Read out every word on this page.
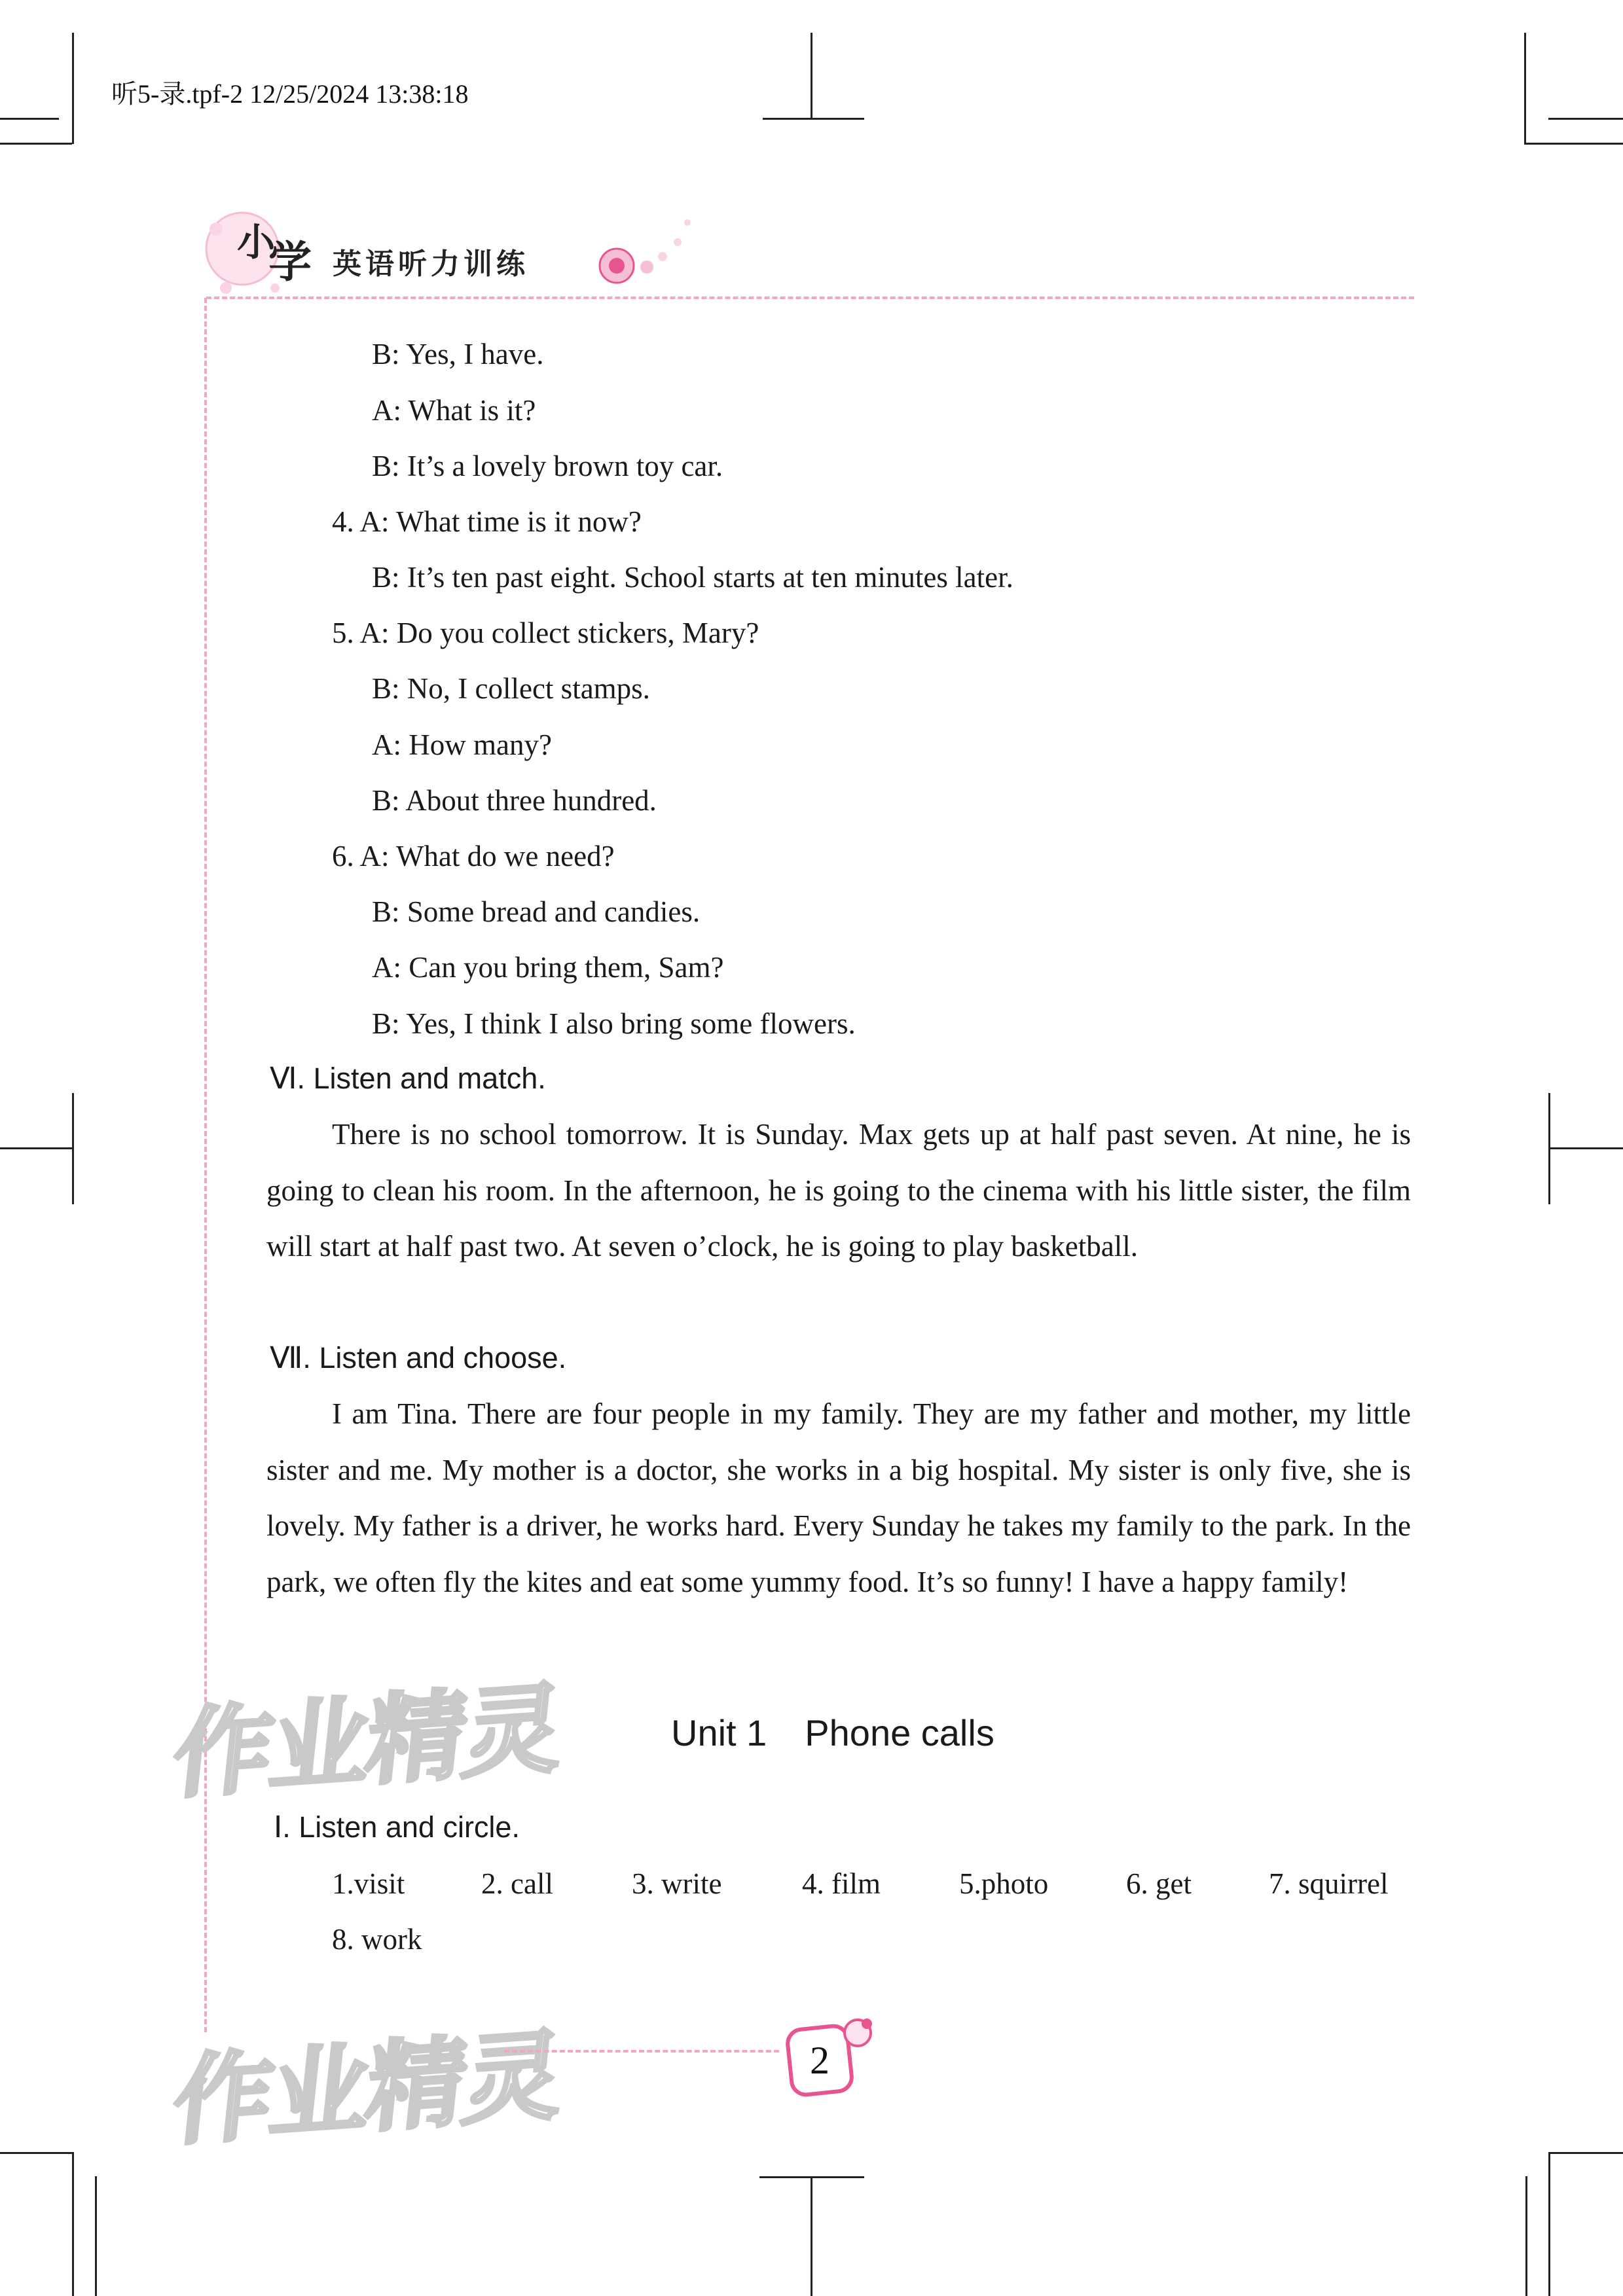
听5-录.tpf-2 12/25/2024 13:38:18
小
学 英语听力训练
B: Yes, I have.
A: What is it?
B: It’s a lovely brown toy car.
4. A: What time is it now?
B: It’s ten past eight. School starts at ten minutes later.
5. A: Do you collect stickers, Mary?
B: No, I collect stamps.
A: How many?
B: About three hundred.
6. A: What do we need?
B: Some bread and candies.
A: Can you bring them, Sam?
B: Yes, I think I also bring some flowers.
Ⅵ. Listen and match.
There is no school tomorrow. It is Sunday. Max gets up at half past seven. At nine, he is going to clean his room. In the afternoon, he is going to the cinema with his little sister, the film will start at half past two. At seven o’clock, he is going to play basketball.
Ⅶ. Listen and choose.
I am Tina. There are four people in my family. They are my father and mother, my little sister and me. My mother is a doctor, she works in a big hospital. My sister is only five, she is lovely. My father is a driver, he works hard. Every Sunday he takes my family to the park. In the park, we often fly the kites and eat some yummy food. It’s so funny! I have a happy family!
作业精灵
作业精灵
Unit 1 Phone calls
Ⅰ. Listen and circle.
1.visit	2. call	3. write	4. film	5.photo	6. get	7. squirrel
8. work
2
